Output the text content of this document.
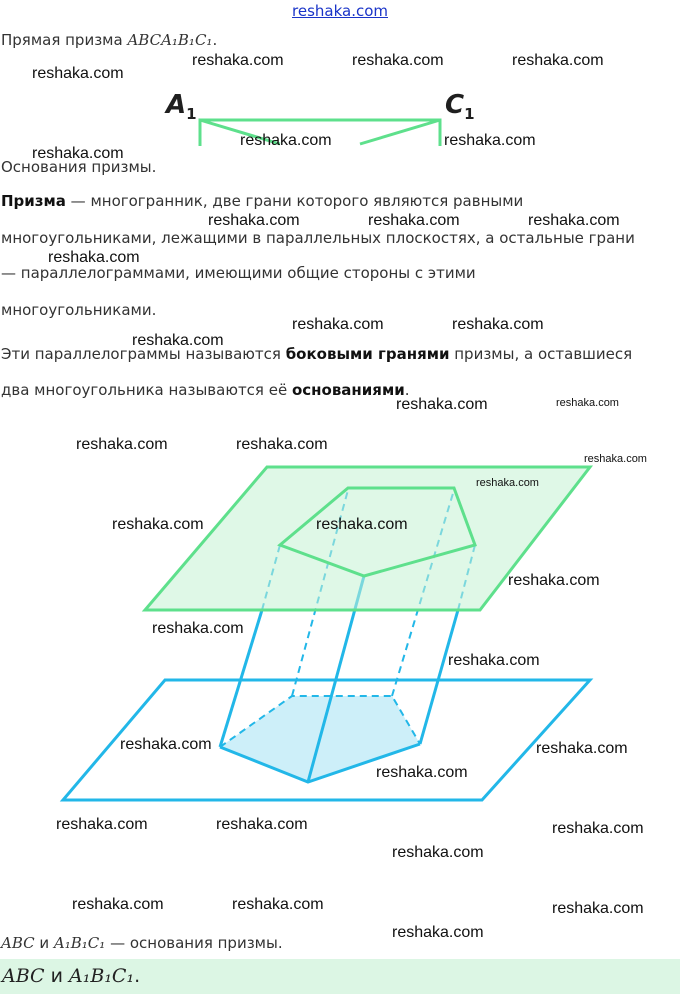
reshaka.com
Прямая призма ABCA₁B₁C₁.
$A_1$	$C_1$
Основания призмы.
Призма — многогранник, две грани которого являются равными
многоугольниками, лежащими в параллельных плоскостях, а остальные грани
— параллелограммами, имеющими общие стороны с этими
многоугольниками.
Эти параллелограммы называются боковыми гранями призмы, а оставшиеся
два многоугольника называются её основаниями.
ABC и A₁B₁C₁ — основания призмы.
ABC и A₁B₁C₁.
reshaka.com
reshaka.com	reshaka.com	reshaka.com
reshaka.com	reshaka.com
reshaka.com
reshaka.com	reshaka.com	reshaka.com
reshaka.com
reshaka.com	reshaka.com
reshaka.com
reshaka.com	reshaka.com
reshaka.com	reshaka.com
reshaka.com
reshaka.com
reshaka.com	reshaka.com
reshaka.com
reshaka.com
reshaka.com
reshaka.com	reshaka.com
reshaka.com
reshaka.com	reshaka.com	reshaka.com
reshaka.com
reshaka.com	reshaka.com	reshaka.com
reshaka.com
